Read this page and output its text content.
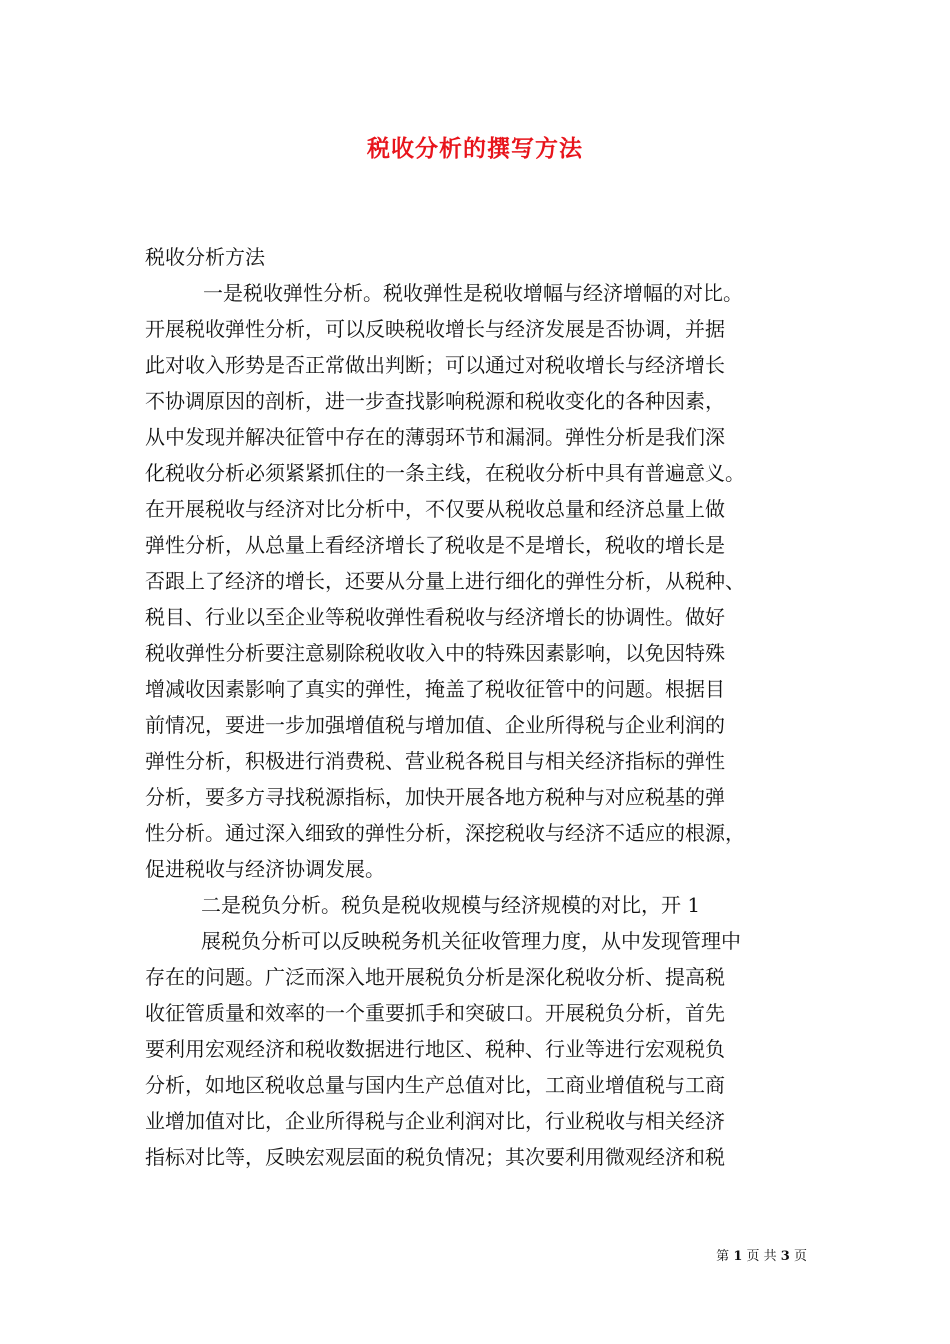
税收分析的撰写方法

税收分析方法

一是税收弹性分析。税收弹性是税收增幅与经济增幅的对比。
开展税收弹性分析，可以反映税收增长与经济发展是否协调，并据
此对收入形势是否正常做出判断；可以通过对税收增长与经济增长
不协调原因的剖析，进一步查找影响税源和税收变化的各种因素，
从中发现并解决征管中存在的薄弱环节和漏洞。弹性分析是我们深
化税收分析必须紧紧抓住的一条主线，在税收分析中具有普遍意义。
在开展税收与经济对比分析中，不仅要从税收总量和经济总量上做
弹性分析，从总量上看经济增长了税收是不是增长，税收的增长是
否跟上了经济的增长，还要从分量上进行细化的弹性分析，从税种、
税目、行业以至企业等税收弹性看税收与经济增长的协调性。做好
税收弹性分析要注意剔除税收收入中的特殊因素影响，以免因特殊
增减收因素影响了真实的弹性，掩盖了税收征管中的问题。根据目
前情况，要进一步加强增值税与增加值、企业所得税与企业利润的
弹性分析，积极进行消费税、营业税各税目与相关经济指标的弹性
分析，要多方寻找税源指标，加快开展各地方税种与对应税基的弹
性分析。通过深入细致的弹性分析，深挖税收与经济不适应的根源，
促进税收与经济协调发展。

二是税负分析。税负是税收规模与经济规模的对比，开 1

展税负分析可以反映税务机关征收管理力度，从中发现管理中
存在的问题。广泛而深入地开展税负分析是深化税收分析、提高税
收征管质量和效率的一个重要抓手和突破口。开展税负分析，首先
要利用宏观经济和税收数据进行地区、税种、行业等进行宏观税负
分析，如地区税收总量与国内生产总值对比，工商业增值税与工商
业增加值对比，企业所得税与企业利润对比，行业税收与相关经济
指标对比等，反映宏观层面的税负情况；其次要利用微观经济和税

第 1 页 共 3 页
